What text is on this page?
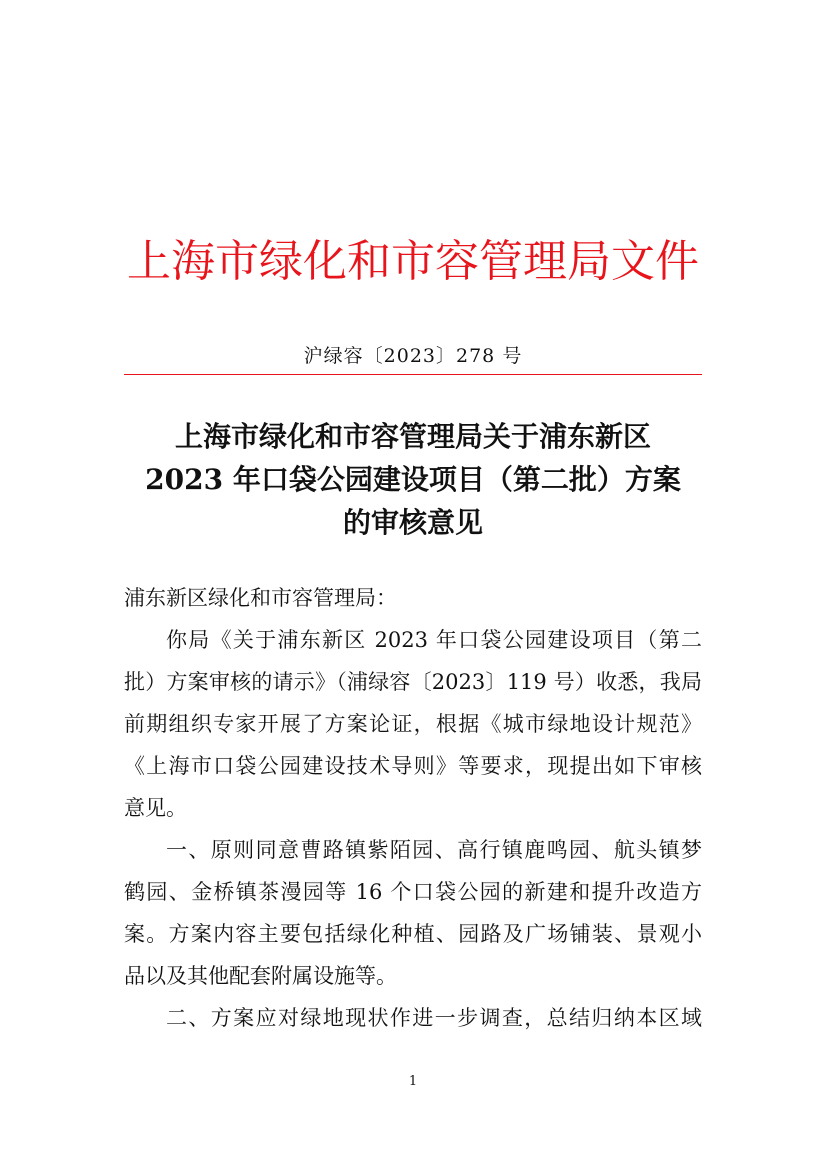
上海市绿化和市容管理局文件
沪绿容〔2023〕278 号
上海市绿化和市容管理局关于浦东新区
2023 年口袋公园建设项目（第二批）方案
的审核意见
浦东新区绿化和市容管理局：
你局《关于浦东新区 2023 年口袋公园建设项目（第二
批）方案审核的请示》（浦绿容〔2023〕119 号）收悉，我局
前期组织专家开展了方案论证，根据《城市绿地设计规范》
《上海市口袋公园建设技术导则》等要求，现提出如下审核
意见。
一、原则同意曹路镇紫陌园、高行镇鹿鸣园、航头镇梦
鹤园、金桥镇茶漫园等 16 个口袋公园的新建和提升改造方
案。方案内容主要包括绿化种植、园路及广场铺装、景观小
品以及其他配套附属设施等。
二、方案应对绿地现状作进一步调查，总结归纳本区域
1
